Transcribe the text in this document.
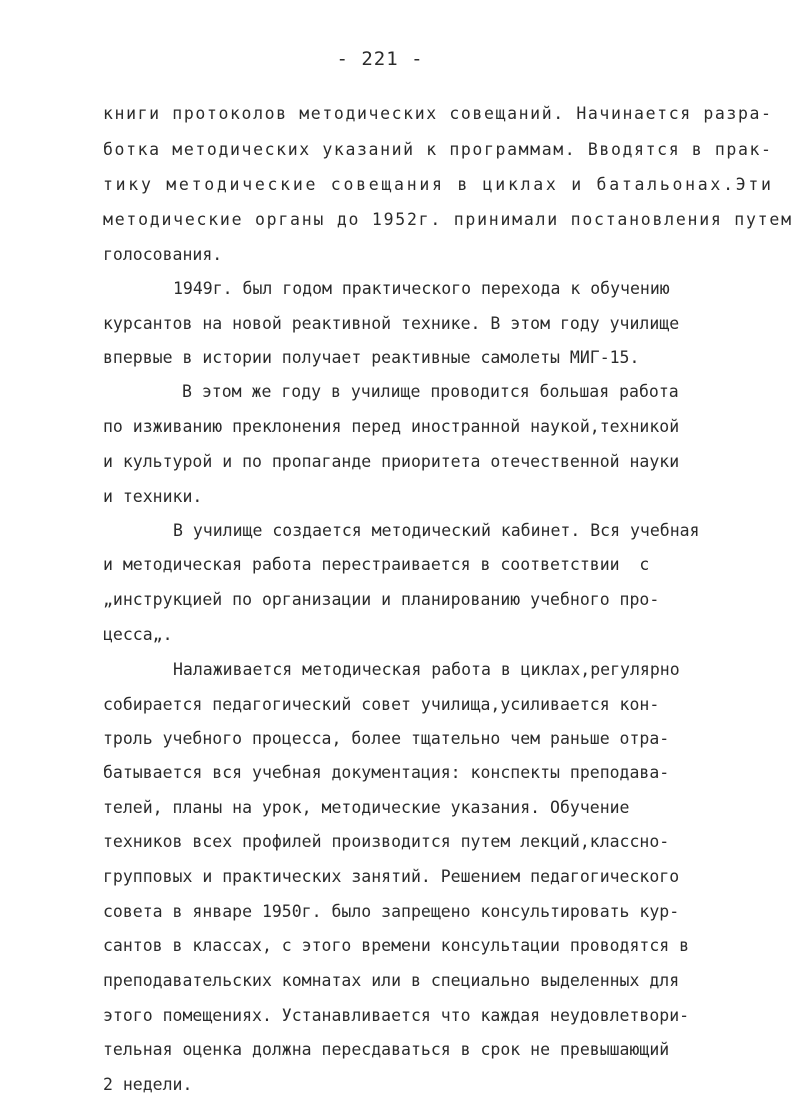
- 221 -
книги протоколов методических совещаний. Начинается разра-
ботка методических указаний к программам. Вводятся в прак-
тику методические совещания в циклах и батальонах.Эти
методические органы до 1952г. принимали постановления путем
голосования.
1949г. был годом практического перехода к обучению
курсантов на новой реактивной технике. В этом году училище
впервые в истории получает реактивные самолеты МИГ-15.
В этом же году в училище проводится большая работа
по изживанию преклонения перед иностранной наукой,техникой
и культурой и по пропаганде приоритета отечественной науки
и техники.
В училище создается методический кабинет. Вся учебная
и методическая работа перестраивается в соответствии  с
„инструкцией по организации и планированию учебного про-
цесса„.
Налаживается методическая работа в циклах,регулярно
собирается педагогический совет училища,усиливается кон-
троль учебного процесса, более тщательно чем раньше отра-
батывается вся учебная документация: конспекты преподава-
телей, планы на урок, методические указания. Обучение
техников всех профилей производится путем лекций,классно-
групповых и практических занятий. Решением педагогического
совета в январе 1950г. было запрещено консультировать кур-
сантов в классах, с этого времени консультации проводятся в
преподавательских комнатах или в специально выделенных для
этого помещениях. Устанавливается что каждая неудовлетвори-
тельная оценка должна пересдаваться в срок не превышающий
2 недели.
